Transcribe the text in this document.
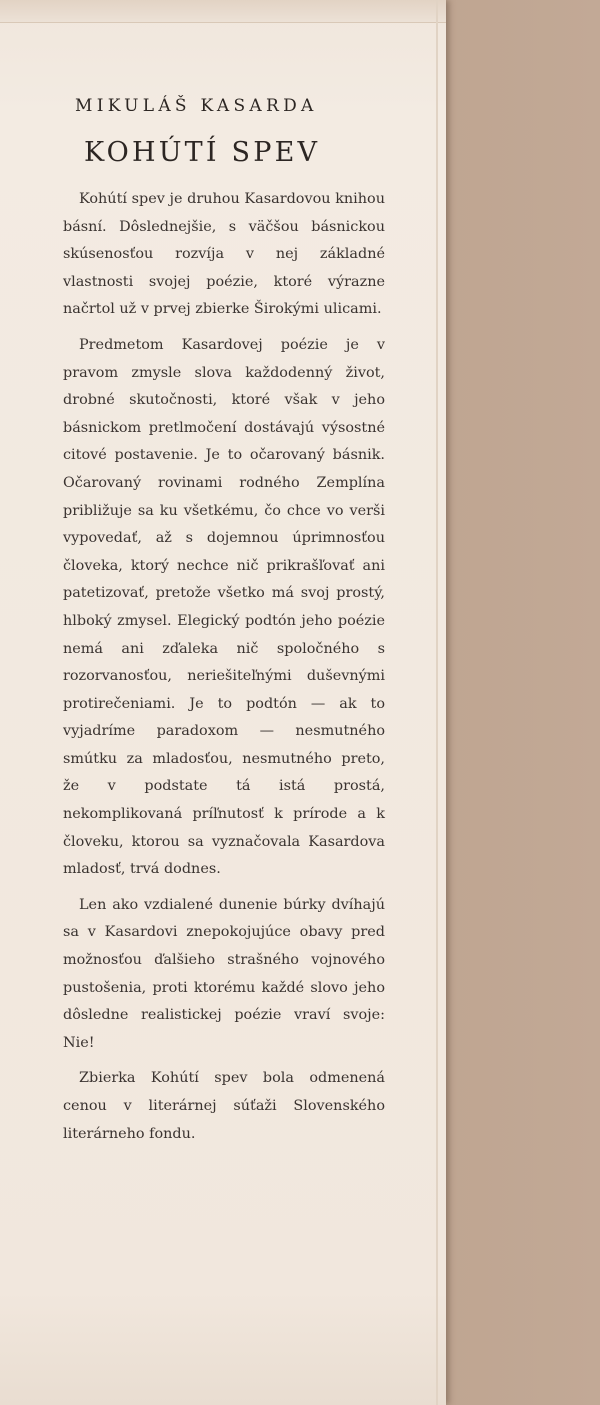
MIKULÁŠ KASARDA
KOHÚTÍ SPEV

Kohútí spev je druhou Kasardovou knihou básní. Dôslednejšie, s väčšou básnickou skúsenosťou rozvíja v nej základné vlastnosti svojej poézie, ktoré výrazne načrtol už v prvej zbierke Širokými ulicami.

Predmetom Kasardovej poézie je v pravom zmysle slova každodenný život, drobné skutočnosti, ktoré však v jeho básnickom pretlmočení dostávajú výsostné citové postavenie. Je to očarovaný básnik. Očarovaný rovinami rodného Zemplína približuje sa ku všetkému, čo chce vo verši vypovedať, až s dojemnou úprimnosťou človeka, ktorý nechce nič prikrašľovať ani patetizovať, pretože všetko má svoj prostý, hlboký zmysel. Elegický podtón jeho poézie nemá ani zďaleka nič spoločného s rozorvanosťou, neriešiteľnými duševnými protirečeniami. Je to podtón — ak to vyjadríme paradoxom — nesmutného smútku za mladosťou, nesmutného preto, že v podstate tá istá prostá, nekomplikovaná príľnutosť k prírode a k človeku, ktorou sa vyznačovala Kasardova mladosť, trvá dodnes.

Len ako vzdialené dunenie búrky dvíhajú sa v Kasardovi znepokojujúce obavy pred možnosťou ďalšieho strašného vojnového pustošenia, proti ktorému každé slovo jeho dôsledne realistickej poézie vraví svoje: Nie!

Zbierka Kohútí spev bola odmenená cenou v literárnej súťaži Slovenského literárneho fondu.
